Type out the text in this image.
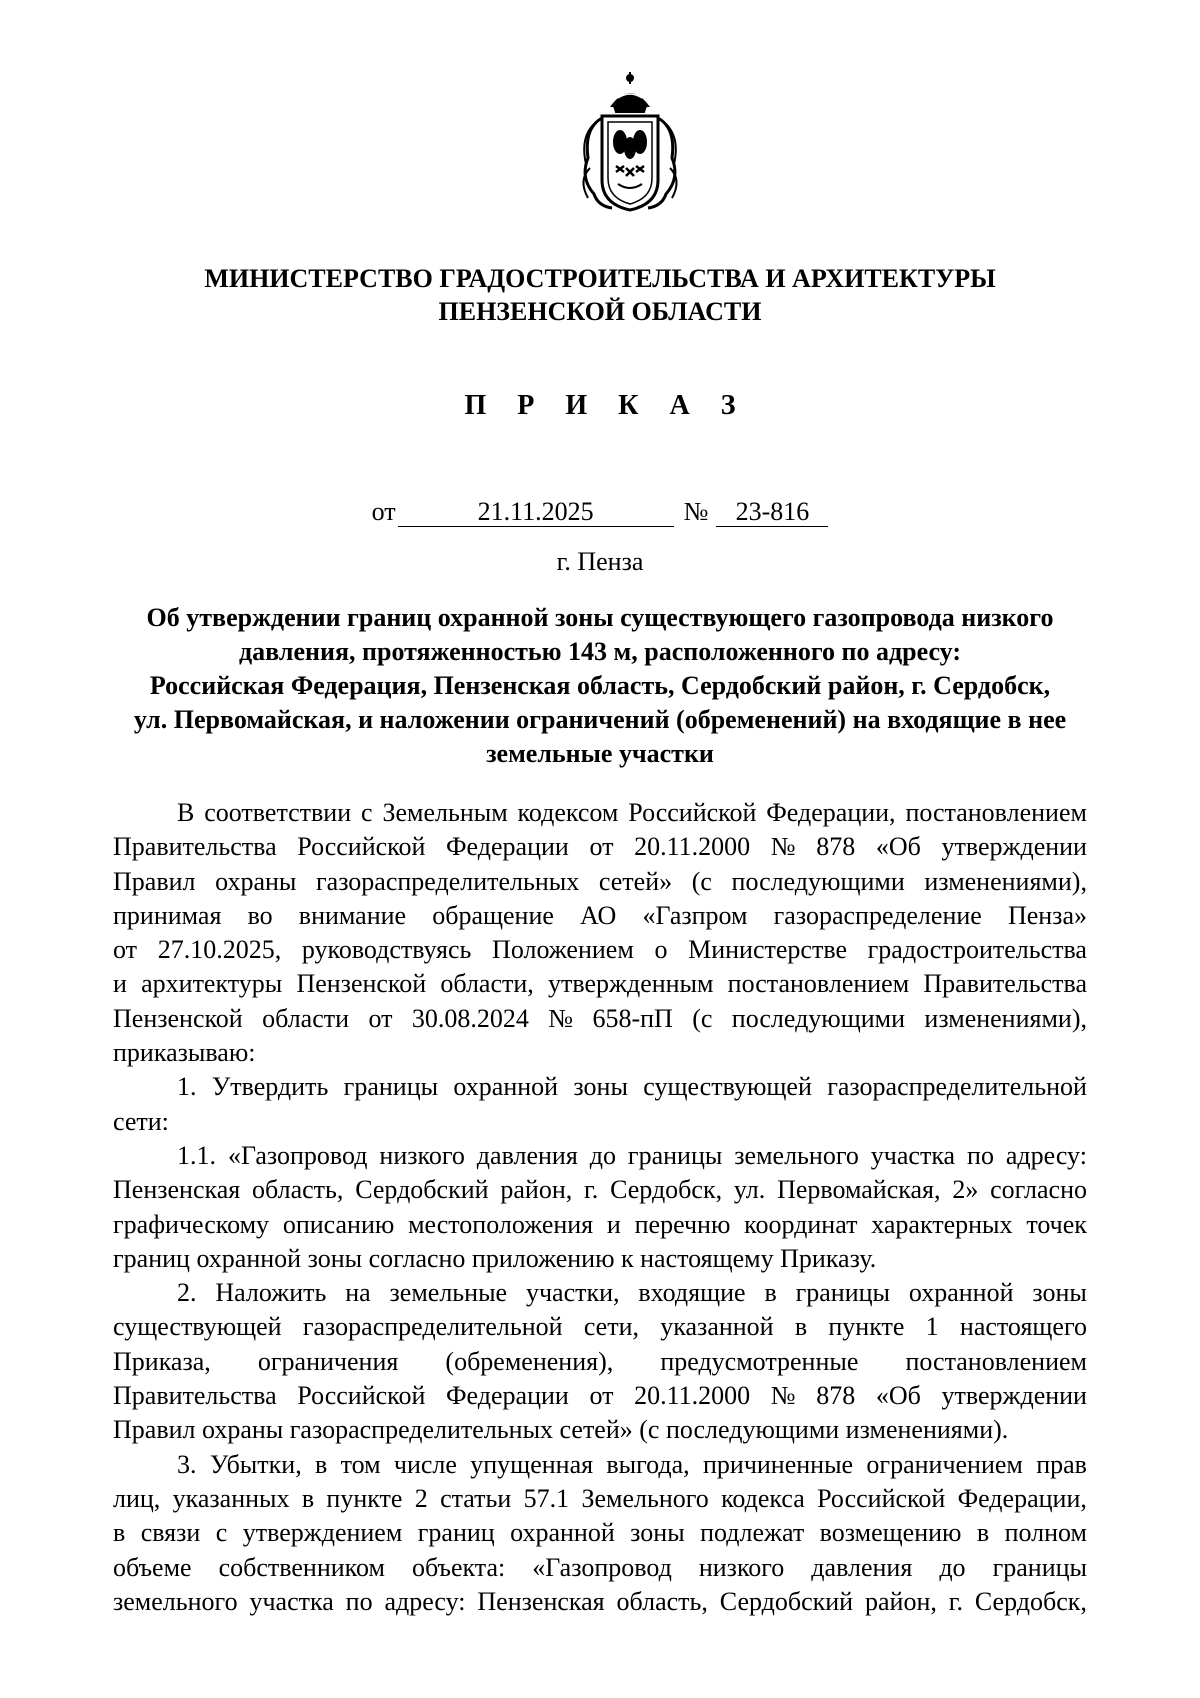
МИНИСТЕРСТВО ГРАДОСТРОИТЕЛЬСТВА И АРХИТЕКТУРЫ
ПЕНЗЕНСКОЙ ОБЛАСТИ
П Р И К А З
от	21.11.2025	№	23-816
г. Пенза
Об утверждении границ охранной зоны существующего газопровода низкого
давления, протяженностью 143 м, расположенного по адресу:
Российская Федерация, Пензенская область, Сердобский район, г. Сердобск,
ул. Первомайская, и наложении ограничений (обременений) на входящие в нее
земельные участки
В соответствии с Земельным кодексом Российской Федерации, постановлением
Правительства Российской Федерации от 20.11.2000 № 878 «Об утверждении
Правил охраны газораспределительных сетей» (с последующими изменениями),
принимая во внимание обращение АО «Газпром газораспределение Пенза»
от 27.10.2025, руководствуясь Положением о Министерстве градостроительства
и архитектуры Пензенской области, утвержденным постановлением Правительства
Пензенской области от 30.08.2024 № 658-пП (с последующими изменениями),
приказываю:
1. Утвердить границы охранной зоны существующей газораспределительной
сети:
1.1. «Газопровод низкого давления до границы земельного участка по адресу:
Пензенская область, Сердобский район, г. Сердобск, ул. Первомайская, 2» согласно
графическому описанию местоположения и перечню координат характерных точек
границ охранной зоны согласно приложению к настоящему Приказу.
2. Наложить на земельные участки, входящие в границы охранной зоны
существующей газораспределительной сети, указанной в пункте 1 настоящего
Приказа, ограничения (обременения), предусмотренные постановлением
Правительства Российской Федерации от 20.11.2000 № 878 «Об утверждении
Правил охраны газораспределительных сетей» (с последующими изменениями).
3. Убытки, в том числе упущенная выгода, причиненные ограничением прав
лиц, указанных в пункте 2 статьи 57.1 Земельного кодекса Российской Федерации,
в связи с утверждением границ охранной зоны подлежат возмещению в полном
объеме собственником объекта: «Газопровод низкого давления до границы
земельного участка по адресу: Пензенская область, Сердобский район, г. Сердобск,
